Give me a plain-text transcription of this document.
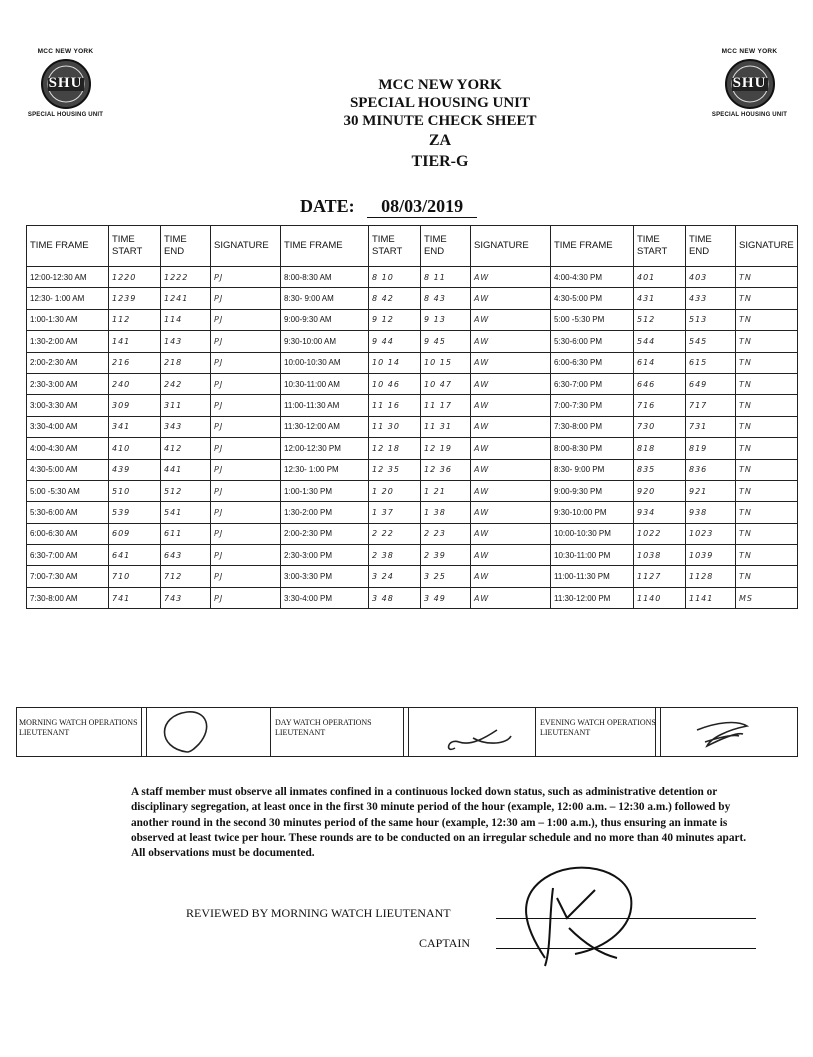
MCC NEW YORK
SHU
SPECIAL HOUSING UNIT
MCC NEW YORK
SHU
SPECIAL HOUSING UNIT
MCC NEW YORK
SPECIAL HOUSING UNIT
30 MINUTE CHECK SHEET
ZA
TIER-G
DATE: 08/03/2019
TIME FRAME	TIME START	TIME END	SIGNATURE	TIME FRAME	TIME START	TIME END	SIGNATURE	TIME FRAME	TIME START	TIME END	SIGNATURE
12:00-12:30 AM	1220	1222	PJ	8:00-8:30 AM	8 10	8 11	AW	4:00-4:30 PM	401	403	TN
12:30- 1:00 AM	1239	1241	PJ	8:30- 9:00 AM	8 42	8 43	AW	4:30-5:00 PM	431	433	TN
1:00-1:30 AM	112	114	PJ	9:00-9:30 AM	9 12	9 13	AW	5:00 -5:30 PM	512	513	TN
1:30-2:00 AM	141	143	PJ	9:30-10:00 AM	9 44	9 45	AW	5:30-6:00 PM	544	545	TN
2:00-2:30 AM	216	218	PJ	10:00-10:30 AM	10 14	10 15	AW	6:00-6:30 PM	614	615	TN
2:30-3:00 AM	240	242	PJ	10:30-11:00 AM	10 46	10 47	AW	6:30-7:00 PM	646	649	TN
3:00-3:30 AM	309	311	PJ	11:00-11:30 AM	11 16	11 17	AW	7:00-7:30 PM	716	717	TN
3:30-4:00 AM	341	343	PJ	11:30-12:00 AM	11 30	11 31	AW	7:30-8:00 PM	730	731	TN
4:00-4:30 AM	410	412	PJ	12:00-12:30 PM	12 18	12 19	AW	8:00-8:30 PM	818	819	TN
4:30-5:00 AM	439	441	PJ	12:30- 1:00 PM	12 35	12 36	AW	8:30- 9:00 PM	835	836	TN
5:00 -5:30 AM	510	512	PJ	1:00-1:30 PM	1 20	1 21	AW	9:00-9:30 PM	920	921	TN
5:30-6:00 AM	539	541	PJ	1:30-2:00 PM	1 37	1 38	AW	9:30-10:00 PM	934	938	TN
6:00-6:30 AM	609	611	PJ	2:00-2:30 PM	2 22	2 23	AW	10:00-10:30 PM	1022	1023	TN
6:30-7:00 AM	641	643	PJ	2:30-3:00 PM	2 38	2 39	AW	10:30-11:00 PM	1038	1039	TN
7:00-7:30 AM	710	712	PJ	3:00-3:30 PM	3 24	3 25	AW	11:00-11:30 PM	1127	1128	TN
7:30-8:00 AM	741	743	PJ	3:30-4:00 PM	3 48	3 49	AW	11:30-12:00 PM	1140	1141	MS
MORNING WATCH OPERATIONS LIEUTENANT
DAY WATCH OPERATIONS LIEUTENANT
EVENING WATCH OPERATIONS LIEUTENANT
A staff member must observe all inmates confined in a continuous locked down status, such as administrative detention or disciplinary segregation, at least once in the first 30 minute period of the hour (example, 12:00 a.m. – 12:30 a.m.) followed by another round in the second 30 minutes period of the same hour (example, 12:30 am – 1:00 a.m.), thus ensuring an inmate is observed at least twice per hour. These rounds are to be conducted on an irregular schedule and no more than 40 minutes apart. All observations must be documented.
REVIEWED BY MORNING WATCH LIEUTENANT
CAPTAIN
